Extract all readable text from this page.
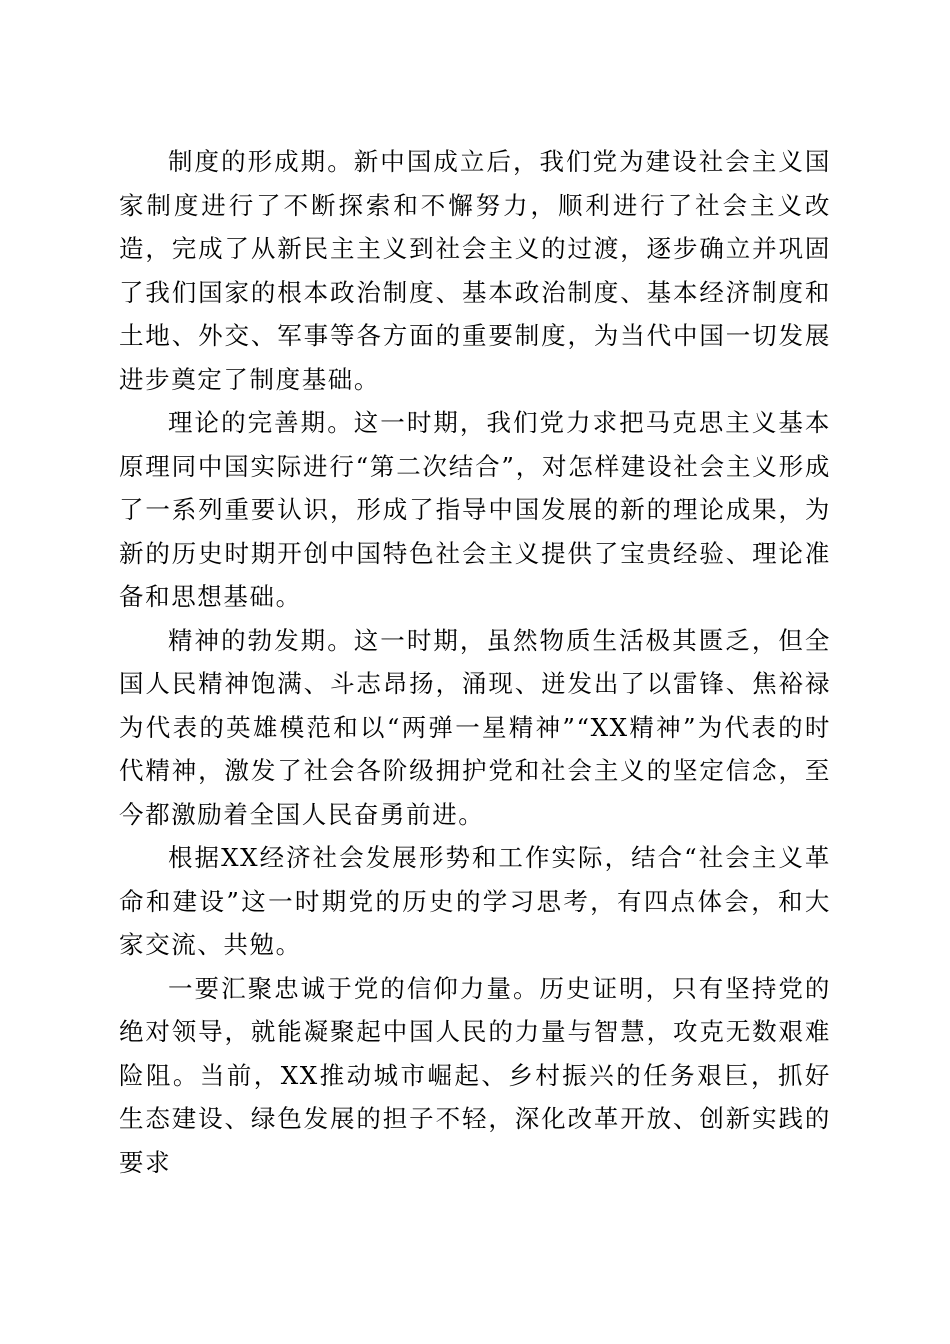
制度的形成期。新中国成立后，我们党为建设社会主义国家制度进行了不断探索和不懈努力，顺利进行了社会主义改造，完成了从新民主主义到社会主义的过渡，逐步确立并巩固了我们国家的根本政治制度、基本政治制度、基本经济制度和土地、外交、军事等各方面的重要制度，为当代中国一切发展进步奠定了制度基础。

理论的完善期。这一时期，我们党力求把马克思主义基本原理同中国实际进行“第二次结合”，对怎样建设社会主义形成了一系列重要认识，形成了指导中国发展的新的理论成果，为新的历史时期开创中国特色社会主义提供了宝贵经验、理论准备和思想基础。

精神的勃发期。这一时期，虽然物质生活极其匮乏，但全国人民精神饱满、斗志昂扬，涌现、迸发出了以雷锋、焦裕禄为代表的英雄模范和以“两弹一星精神”“XX精神”为代表的时代精神，激发了社会各阶级拥护党和社会主义的坚定信念，至今都激励着全国人民奋勇前进。

根据XX经济社会发展形势和工作实际，结合“社会主义革命和建设”这一时期党的历史的学习思考，有四点体会，和大家交流、共勉。

一要汇聚忠诚于党的信仰力量。历史证明，只有坚持党的绝对领导，就能凝聚起中国人民的力量与智慧，攻克无数艰难险阻。当前，XX推动城市崛起、乡村振兴的任务艰巨，抓好生态建设、绿色发展的担子不轻，深化改革开放、创新实践的要求
